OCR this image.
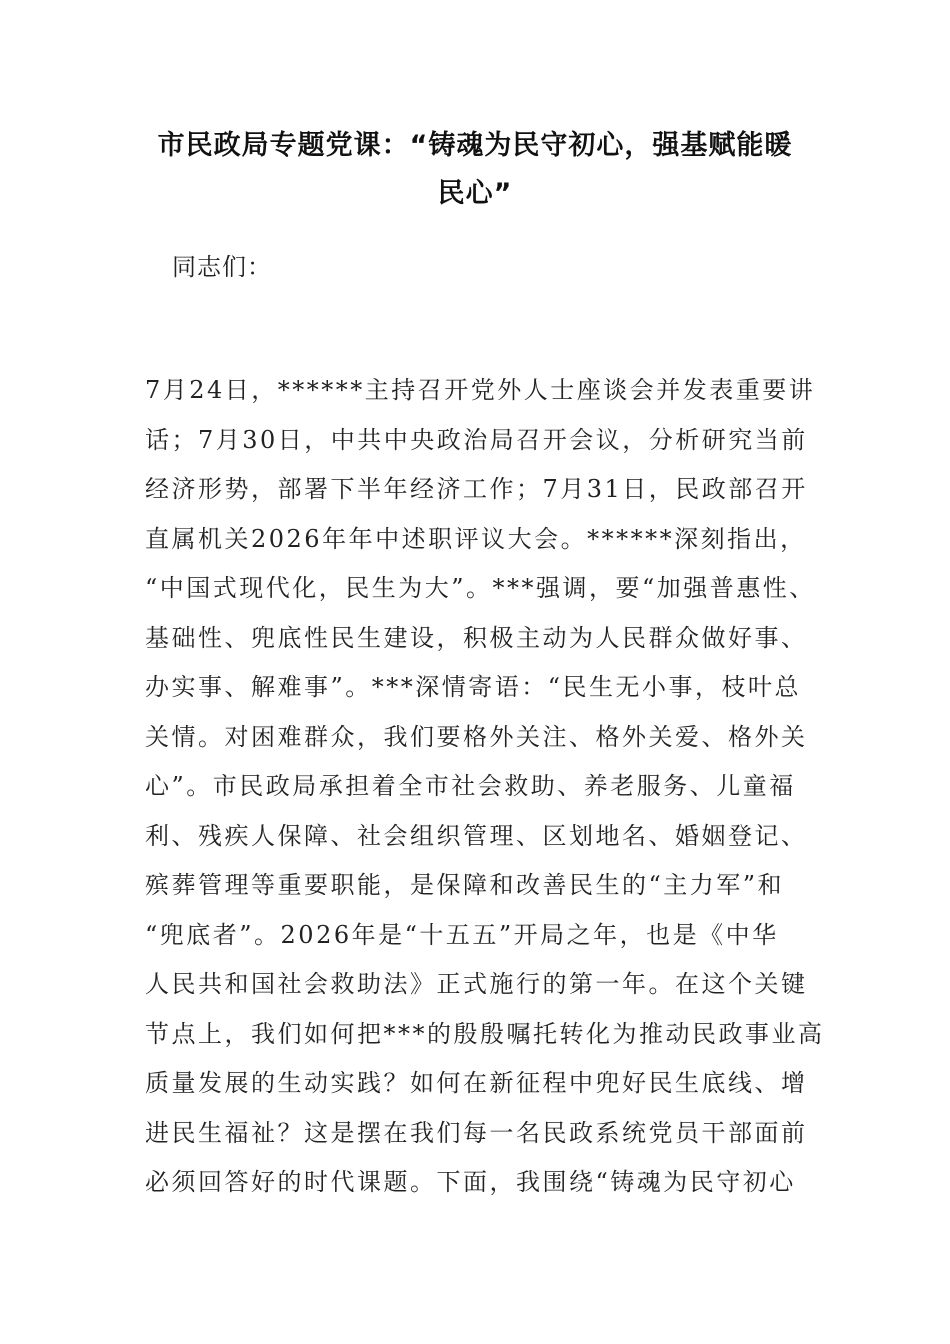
市民政局专题党课：“铸魂为民守初心，强基赋能暖
民心”
同志们：
7月24日，******主持召开党外人士座谈会并发表重要讲
话；7月30日，中共中央政治局召开会议，分析研究当前
经济形势，部署下半年经济工作；7月31日，民政部召开
直属机关2026年年中述职评议大会。******深刻指出，
“中国式现代化，民生为大”。***强调，要“加强普惠性、
基础性、兜底性民生建设，积极主动为人民群众做好事、
办实事、解难事”。***深情寄语：“民生无小事，枝叶总
关情。对困难群众，我们要格外关注、格外关爱、格外关
心”。市民政局承担着全市社会救助、养老服务、儿童福
利、残疾人保障、社会组织管理、区划地名、婚姻登记、
殡葬管理等重要职能，是保障和改善民生的“主力军”和
“兜底者”。2026年是“十五五”开局之年，也是《中华
人民共和国社会救助法》正式施行的第一年。在这个关键
节点上，我们如何把***的殷殷嘱托转化为推动民政事业高
质量发展的生动实践？如何在新征程中兜好民生底线、增
进民生福祉？这是摆在我们每一名民政系统党员干部面前
必须回答好的时代课题。下面，我围绕“铸魂为民守初心
